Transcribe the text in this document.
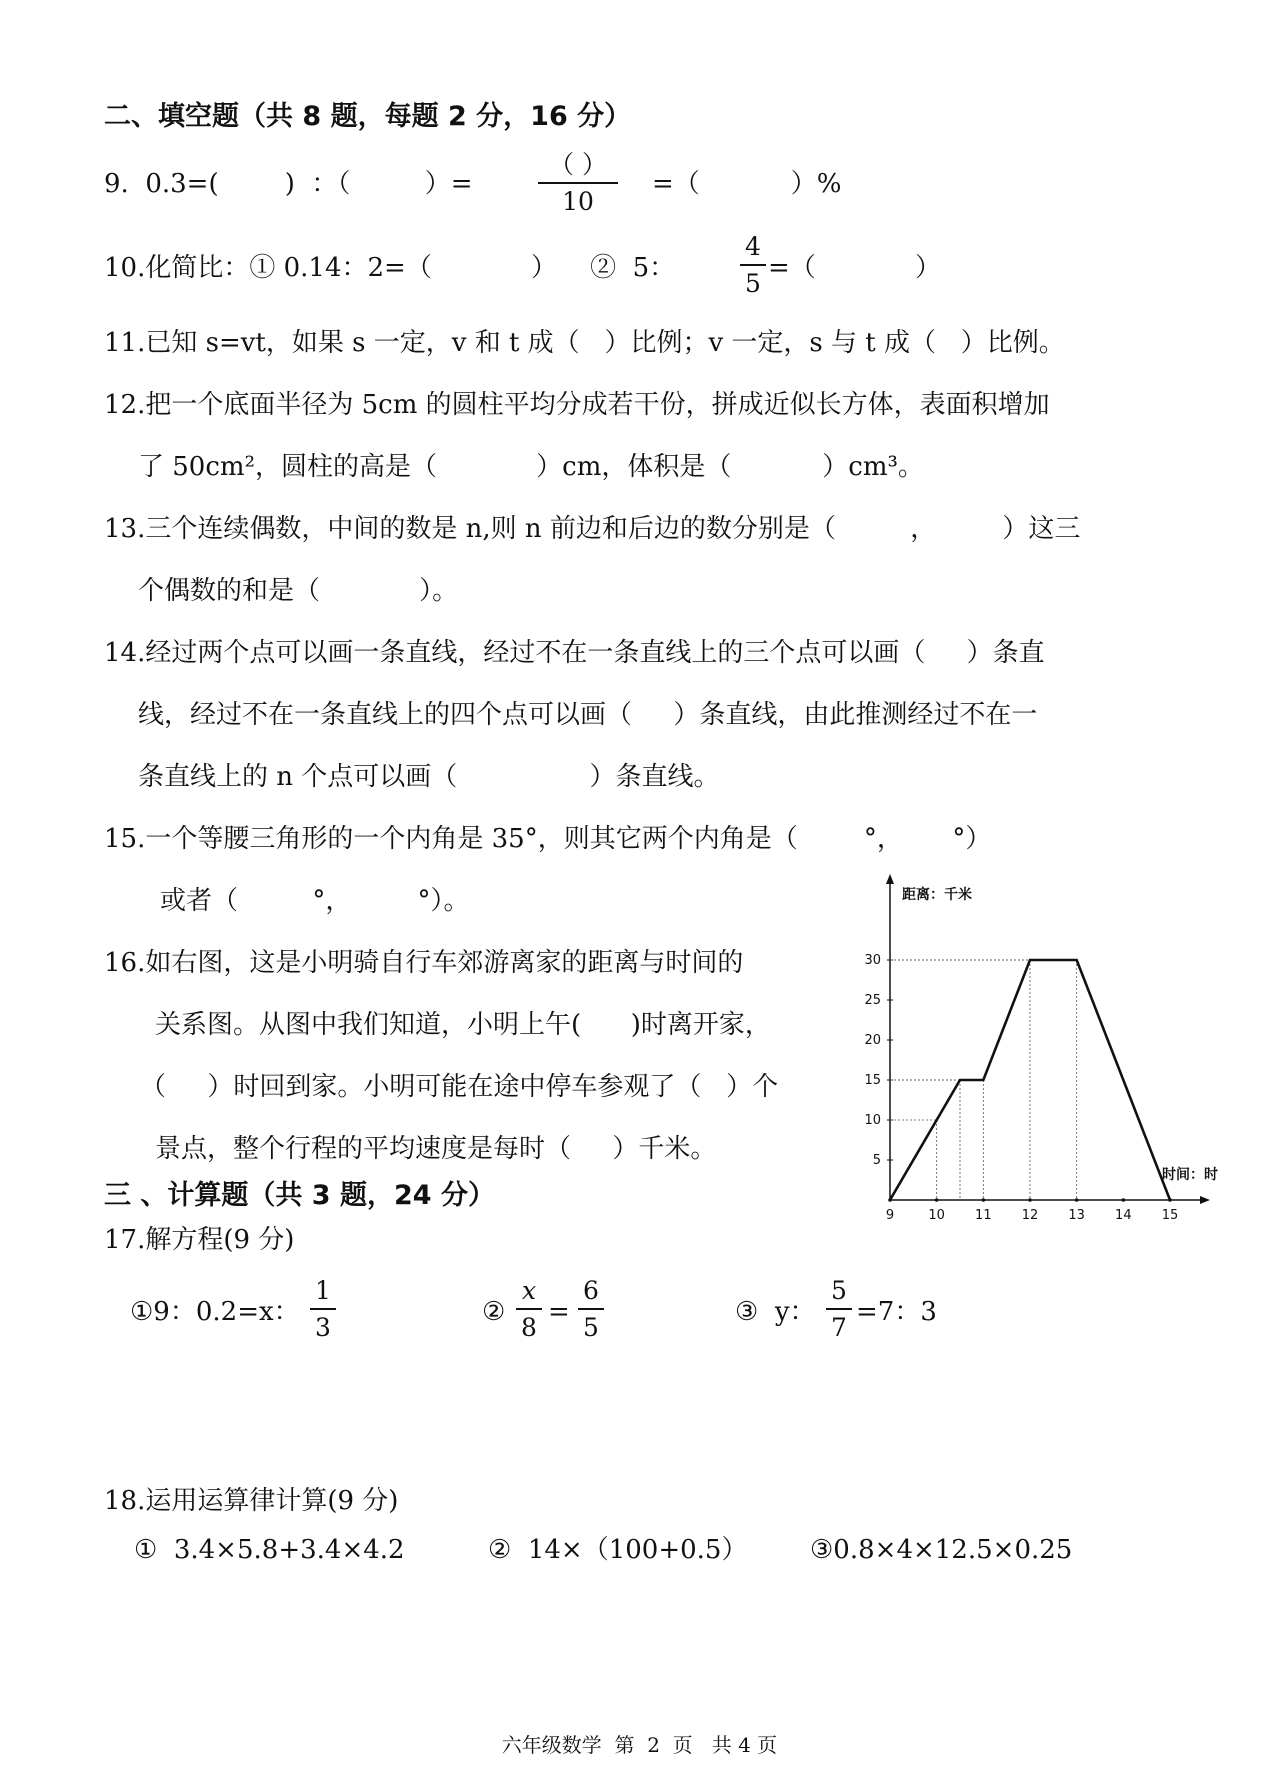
二、填空题（共 8 题，每题 2 分，16 分）
9.  0.3=(        )  ：（         ）=
（ ）
10
=（           ）%
10.化简比：① 0.14：2=（            ）    ②  5：
4
5
=（            ）
11.已知 s=vt，如果 s 一定，v 和 t 成（   ）比例；v 一定，s 与 t 成（   ）比例。
12.把一个底面半径为 5cm 的圆柱平均分成若干份，拼成近似长方体，表面积增加
了 50cm²，圆柱的高是（            ）cm，体积是（           ）cm³。
13.三个连续偶数，中间的数是 n,则 n 前边和后边的数分别是（         ，        ）这三
个偶数的和是（            ）。
14.经过两个点可以画一条直线，经过不在一条直线上的三个点可以画（     ）条直
线，经过不在一条直线上的四个点可以画（     ）条直线，由此推测经过不在一
条直线上的 n 个点可以画（                ）条直线。
15.一个等腰三角形的一个内角是 35°，则其它两个内角是（        °，      °）
或者（         °，        °）。
16.如右图，这是小明骑自行车郊游离家的距离与时间的
关系图。从图中我们知道，小明上午(      )时离开家，
（     ）时回到家。小明可能在途中停车参观了（   ）个
景点，整个行程的平均速度是每时（     ）千米。	5
10
15
20
25
30
9	10 11 12 13 14 15
距离：千米
时间：时
三 、计算题（共 3 题，24 分）
17.解方程(9 分)
①9：0.2=x：
1
3
②
x
8
=
6
5
③  y：
5
7
=7：3
18.运用运算律计算(9 分)
①  3.4×5.8+3.4×4.2	②  14×（100+0.5） ③0.8×4×12.5×0.25
六年级数学  第  2  页   共 4 页
